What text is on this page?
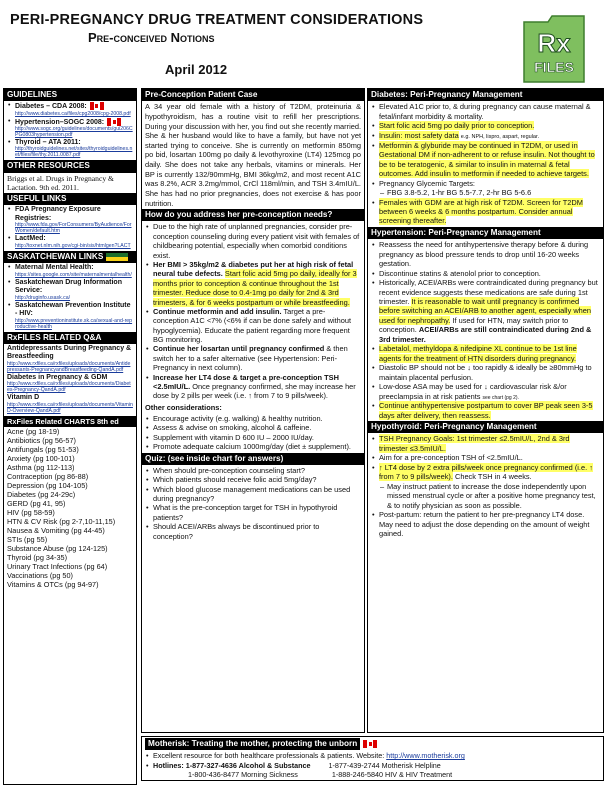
PERI-PREGNANCY DRUG TREATMENT CONSIDERATIONS
Pre-conceived Notions
April 2012
Rx
FILES
GUIDELINES
• Diabetes – CDA 2008:
http://www.diabetes.ca/files/cpg2008/cpg-2008.pdf
• Hypertension–SOGC 2008:
http://www.sogc.org/guidelines/documents/gui206CPG0803hypertension.pdf
• Thyroid – ATA 2011:
http://thyroidguidelines.net/sites/thyroidguidelines.net/files/file/thy.2011.0087.pdf
OTHER RESOURCES
Briggs et al. Drugs in Pregnancy & Lactation. 9th ed. 2011.
USEFUL LINKS
• FDA Pregnancy Exposure Registries:
http://www.fda.gov/ForConsumers/ByAudience/ForWomen/default.htm
• LactMed:
http://toxnet.nlm.nih.gov/cgi-bin/sis/htmlgen?LACT
SASKATCHEWAN LINKS
• Maternal Mental Health:
https://sites.google.com/site/maternalmentalhealth/
• Saskatchewan Drug Information Service:
http://druginfo.usask.ca/
• Saskatchewan Prevention Institute - HIV:
http://www.preventioninstitute.sk.ca/sexual-and-reproductive-health
RxFILES RELATED Q&A
Antidepressants During Pregnancy & Breastfeeding
http://www.rxfiles.ca/rxfiles/uploads/documents/Antidepressants-PregnancyandBreastfeeding-QandA.pdf
Diabetes in Pregnancy & GDM
http://www.rxfiles.ca/rxfiles/uploads/documents/Diabetes-Pregnancy-QandA.pdf
Vitamin D
http://www.rxfiles.ca/rxfiles/uploads/documents/VitaminD-Overview-QandA.pdf
RxFiles Related CHARTS 8th ed
Acne (pg 18-19)
Antibiotics (pg 56-57)
Antifungals (pg 51-53)
Anxiety (pg 100-101)
Asthma (pg 112-113)
Contraception (pg 86-88)
Depression (pg 104-105)
Diabetes (pg 24-29c)
GERD (pg 41, 95)
HIV (pg 58-59)
HTN & CV Risk (pg 2-7,10-11,15)
Nausea & Vomiting (pg 44-45)
STIs (pg 55)
Substance Abuse (pg 124-125)
Thyroid (pg 34-35)
Urinary Tract Infections (pg 64)
Vaccinations (pg 50)
Vitamins & OTCs (pg 94-97)
Pre-Conception Patient Case
A 34 year old female with a history of T2DM, proteinuria & hypothyroidism, has a routine visit to refill her prescriptions. During your discussion with her, you find out she recently married. She & her husband would like to have a family, but have not yet started trying to conceive. She is currently on metformin 850mg po bid, losartan 100mg po daily & levothyroxine (LT4) 125mcg po daily. She does not take any herbals, vitamins or minerals. Her BP is currently 132/90mmHg, BMI 36kg/m2, and most recent A1C was 8.2%, ACR 3.2mg/mmol, CrCl 118ml/min, and TSH 3.4mIU/L. She has had no prior pregnancies, does not exercise & has poor nutrition.
How do you address her pre-conception needs?
• Due to the high rate of unplanned pregnancies, consider pre-conception counseling during every patient visit with females of childbearing potential, especially when comorbid conditions exist.
• Her BMI > 35kg/m2 & diabetes put her at high risk of fetal neural tube defects. Start folic acid 5mg po daily, ideally for 3 months prior to conception & continue throughout the 1st trimester. Reduce dose to 0.4-1mg po daily for 2nd & 3rd trimesters, & for 6 weeks postpartum or while breastfeeding.
• Continue metformin and add insulin. Target a pre-conception A1C <7% (<6% if can be done safely and without hypoglycemia). Educate the patient regarding more frequent BG monitoring.
• Continue her losartan until pregnancy confirmed & then switch her to a safer alternative (see Hypertension: Peri-Pregnancy in next column).
• Increase her LT4 dose & target a pre-conception TSH <2.5mIU/L. Once pregnancy confirmed, she may increase her dose by 2 pills per week (i.e. ↑ from 7 to 9 pills/week).
Other considerations:
• Encourage activity (e.g. walking) & healthy nutrition.
• Assess & advise on smoking, alcohol & caffeine.
• Supplement with vitamin D 600 IU – 2000 IU/day.
• Promote adequate calcium 1000mg/day (diet ± supplement).
Quiz: (see inside chart for answers)
• When should pre-conception counseling start?
• Which patients should receive folic acid 5mg/day?
• Which blood glucose management medications can be used during pregnancy?
• What is the pre-conception target for TSH in hypothyroid patients?
• Should ACEI/ARBs always be discontinued prior to conception?
Diabetes: Peri-Pregnancy Management
• Elevated A1C prior to, & during pregnancy can cause maternal & fetal/infant morbidity & mortality.
• Start folic acid 5mg po daily prior to conception.
• Insulin: most safety data e.g. NPH, lispro, aspart, regular.
• Metformin & glyburide may be continued in T2DM, or used in Gestational DM if non-adherent to or refuse insulin. Not thought to be to be teratogenic, & similar to insulin in maternal & fetal outcomes. Add insulin to metformin if needed to achieve targets.
• Pregnancy Glycemic Targets:
– FBG 3.8-5.2, 1-hr BG 5.5-7.7, 2-hr BG 5-6.6
• Females with GDM are at high risk of T2DM. Screen for T2DM between 6 weeks & 6 months postpartum. Consider annual screening thereafter.
Hypertension: Peri-Pregnancy Management
• Reassess the need for antihypertensive therapy before & during pregnancy as blood pressure tends to drop until 16-20 weeks gestation.
• Discontinue statins & atenolol prior to conception.
• Historically, ACEI/ARBs were contraindicated during pregnancy but recent evidence suggests these medications are safe during 1st trimester. It is reasonable to wait until pregnancy is confirmed before switching an ACEI/ARB to another agent, especially when used for nephropathy. If used for HTN, may switch prior to conception. ACEI/ARBs are still contraindicated during 2nd & 3rd trimester.
• Labetalol, methyldopa & nifedipine XL continue to be 1st line agents for the treatment of HTN disorders during pregnancy.
• Diastolic BP should not be ↓ too rapidly & ideally be ≥80mmHg to maintain placental perfusion.
• Low-dose ASA may be used for ↓ cardiovascular risk &/or preeclampsia in at risk patients see chart (pg 2).
• Continue antihypertensive postpartum to cover BP peak seen 3-5 days after delivery, then reassess.
Hypothyroid: Peri-Pregnancy Management
• TSH Pregnancy Goals: 1st trimester ≤2.5mIU/L, 2nd & 3rd trimester ≤3.5mIU/L.
• Aim for a pre-conception TSH of <2.5mIU/L.
• ↑ LT4 dose by 2 extra pills/week once pregnancy confirmed (i.e. ↑ from 7 to 9 pills/week). Check TSH in 4 weeks.
– May instruct patient to increase the dose independently upon missed menstrual cycle or after a positive home pregnancy test, & to notify physician as soon as possible.
• Post-partum: return the patient to her pre-pregnancy LT4 dose. May need to adjust the dose depending on the amount of weight gained.
Motherisk: Treating the mother, protecting the unborn
• Excellent resource for both healthcare professionals & patients. Website: http://www.motherisk.org
• Hotlines: 1-877-327-4636 Alcohol & Substance	1-877-439-2744 Motherisk Helpline
1-800-436-8477 Morning Sickness	1-888-246-5840 HIV & HIV Treatment
